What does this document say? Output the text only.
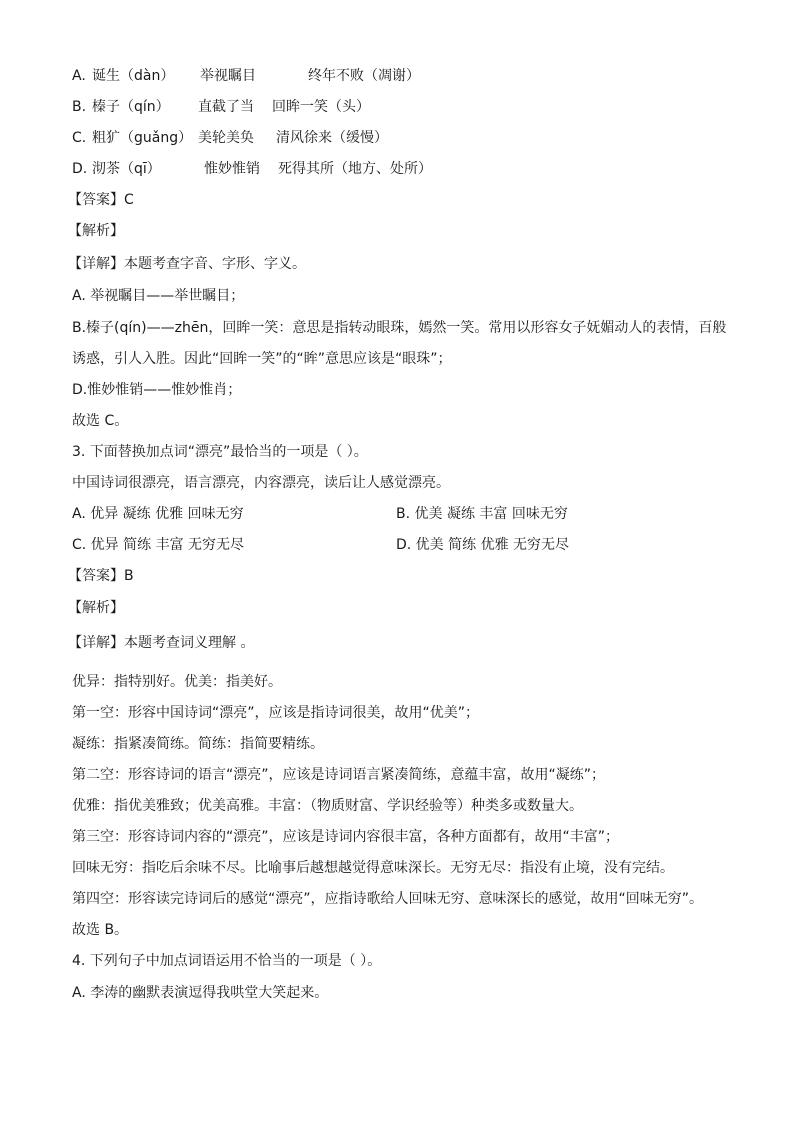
A. 诞生（dàn） 举视瞩目	终年不败（凋谢）
B. 榛子（qín） 直截了当 回眸一笑（头）
C. 粗犷（guǎng） 美轮美奂 清风徐来（缓慢）
D. 沏茶（qī）	惟妙惟销 死得其所（地方、处所）
【答案】C
【解析】
【详解】本题考查字音、字形、字义。
A. 举视瞩目——举世瞩目；
B.榛子(qín)——zhēn，回眸一笑：意思是指转动眼珠，嫣然一笑。常用以形容女子妩媚动人的表情，百般
诱惑，引人入胜。因此“回眸一笑”的“眸”意思应该是“眼珠”；
D.惟妙惟销——惟妙惟肖；
故选 C。
3. 下面替换加点词“漂亮”最恰当的一项是（ ）。
中国诗词很漂亮，语言漂亮，内容漂亮，读后让人感觉漂亮。
A. 优异 凝练 优雅 回味无穷	B. 优美 凝练 丰富 回味无穷
C. 优异 简练 丰富 无穷无尽	D. 优美 简练 优雅 无穷无尽
【答案】B
【解析】
【详解】本题考查词义理解 。
优异：指特别好。优美：指美好。
第一空：形容中国诗词“漂亮”，应该是指诗词很美，故用“优美”；
凝练：指紧凑简练。简练：指简要精练。
第二空：形容诗词的语言“漂亮”，应该是诗词语言紧凑简练，意蕴丰富，故用“凝练”；
优雅：指优美雅致；优美高雅。丰富：（物质财富、学识经验等）种类多或数量大。
第三空：形容诗词内容的“漂亮”，应该是诗词内容很丰富，各种方面都有，故用“丰富”；
回味无穷：指吃后余味不尽。比喻事后越想越觉得意味深长。无穷无尽：指没有止境，没有完结。
第四空：形容读完诗词后的感觉“漂亮”，应指诗歌给人回味无穷、意味深长的感觉，故用“回味无穷”。
故选 B。
4. 下列句子中加点词语运用不恰当的一项是（ ）。
A. 李涛的幽默表演逗得我哄堂大笑起来。
